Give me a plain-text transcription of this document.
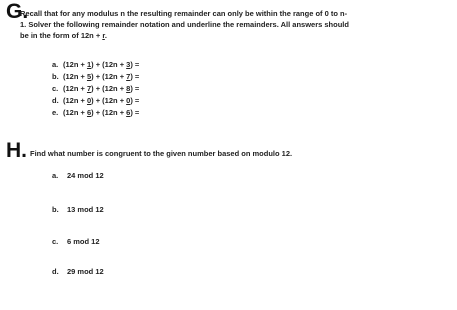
G.
Recall that for any modulus n the resulting remainder can only be within the range of 0 to n-
1. Solver the following remainder notation and underline the remainders. All answers should
be in the form of 12n + r.
a. (12n + 1) + (12n + 3) =
b. (12n + 5) + (12n + 7) =
c. (12n + 7) + (12n + 8) =
d. (12n + 0) + (12n + 0) =
e. (12n + 6) + (12n + 6) =
H. Find what number is congruent to the given number based on modulo 12.
a. 24 mod 12
b. 13 mod 12
c. 6 mod 12
d. 29 mod 12
